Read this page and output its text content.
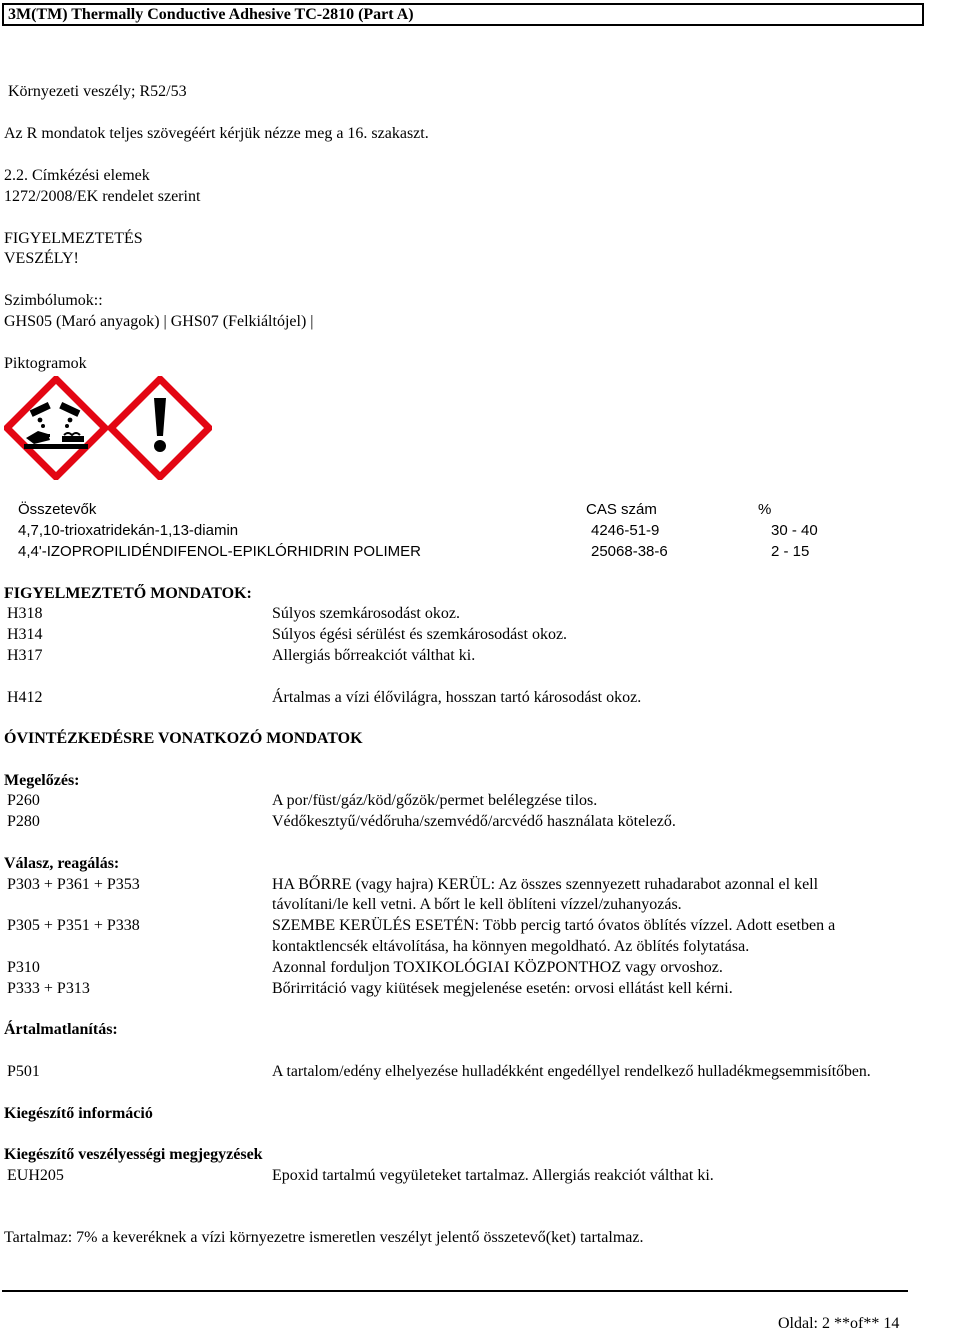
3M(TM) Thermally Conductive Adhesive TC-2810 (Part A)
Környezeti veszély; R52/53
Az R mondatok teljes szövegéért kérjük nézze meg a 16. szakaszt.
2.2. Címkézési elemek
1272/2008/EK rendelet szerint
FIGYELMEZTETÉS
VESZÉLY!
Szimbólumok::
GHS05 (Maró anyagok) | GHS07 (Felkiáltójel) |
Piktogramok
Összetevők	CAS szám	%
4,7,10-trioxatridekán-1,13-diamin	4246-51-9	30 - 40
4,4'-IZOPROPILIDÉNDIFENOL-EPIKLÓRHIDRIN POLIMER	25068-38-6	2 - 15
FIGYELMEZTETŐ MONDATOK:
H318	Súlyos szemkárosodást okoz.
H314	Súlyos égési sérülést és szemkárosodást okoz.
H317	Allergiás bőrreakciót válthat ki.
H412	Ártalmas a vízi élővilágra, hosszan tartó károsodást okoz.
ÓVINTÉZKEDÉSRE VONATKOZÓ MONDATOK
Megelőzés:
P260	A por/füst/gáz/köd/gőzök/permet belélegzése tilos.
P280	Védőkesztyű/védőruha/szemvédő/arcvédő használata kötelező.
Válasz, reagálás:
P303 + P361 + P353	HA BŐRRE (vagy hajra) KERÜL: Az összes szennyezett ruhadarabot azonnal el kell
távolítani/le kell vetni. A bőrt le kell öblíteni vízzel/zuhanyozás.
P305 + P351 + P338	SZEMBE KERÜLÉS ESETÉN: Több percig tartó óvatos öblítés vízzel. Adott esetben a
kontaktlencsék eltávolítása, ha könnyen megoldható. Az öblítés folytatása.
P310	Azonnal forduljon TOXIKOLÓGIAI KÖZPONTHOZ vagy orvoshoz.
P333 + P313	Bőrirritáció vagy kiütések megjelenése esetén: orvosi ellátást kell kérni.
Ártalmatlanítás:
P501	A tartalom/edény elhelyezése hulladékként engedéllyel rendelkező hulladékmegsemmisítőben.
Kiegészítő információ
Kiegészítő veszélyességi megjegyzések
EUH205	Epoxid tartalmú vegyületeket tartalmaz. Allergiás reakciót válthat ki.
Tartalmaz: 7% a keveréknek a vízi környezetre ismeretlen veszélyt jelentő összetevő(ket) tartalmaz.
Oldal: 2 **of** 14
